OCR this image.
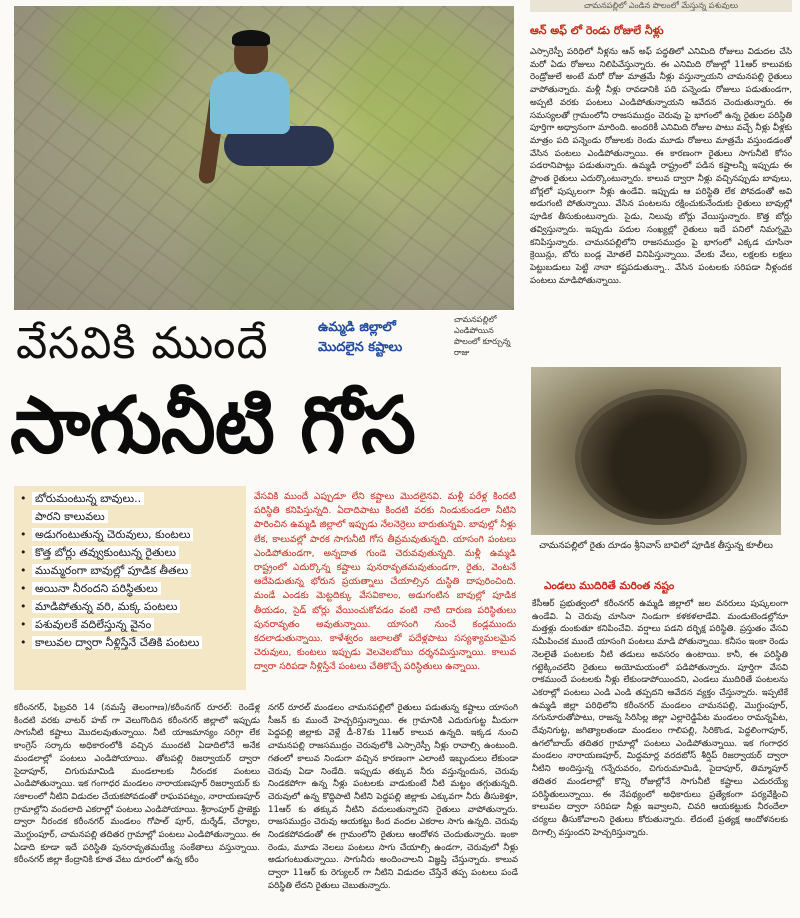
వేసవికి ముందే	ఉమ్మడి జిల్లాలో
మొదలైన కష్టాలు
చామనపల్లిలో ఎండిపోయిన పొలంలో కూర్చున్న రాజు
సాగునీటి గోస
• బోరుమంటున్న బావులు..
పారని కాలువలు
• అడుగంటుతున్న చెరువులు, కుంటలు
• కొత్త బోర్లు తవ్వుకుంటున్న రైతులు
• ముమ్మరంగా బావుల్లో పూడిక తీతలు
• అయినా నీరందని పరిస్థితులు
• మాడిపోతున్న వరి, మక్క పంటలు
• పశువులకే వదిలేస్తున్న వైనం
• కాలువల ద్వారా నీళ్లిస్తేనే చేతికి పంటలు
వేసవికి ముందే ఎప్పుడూ లేని కష్టాలు మొదలైనవి. మళ్లీ పరేళ్ల కిందటి పరిస్థితి కనిపిస్తున్నది. ఏదాదిపాటు కిందటి వరకు నిండుకుండలా నీటిని పారించిన ఉమ్మడి జిల్లాలో ఇప్పుడు నేలనెర్రెలు బారుతున్నవి. బావుల్లో నీళ్లు లేక, కాలువల్లో పారక సాగునీటి గోస తీవ్రమవుతున్నది. యాసంగి పంటలు ఎండిపోతుండగా, అన్నదాత గుండె చెరువవుతున్నది. మళ్లీ ఉమ్మడి రాష్ట్రంలో ఎదుర్కొన్న కష్టాలు పునరావృతమవుతుండగా, రైతు, వెంటనే ఆదేపెడుతున్న భోరున ప్రయత్నాలు చేయాల్సిన దుస్థితి దాపురించింది. మండే ఎండకు మెట్టదిక్కు వేసవికాలం, అడుగంటిన బావుల్లో పూడిక తీయడం, సైడ్ బోర్లు వేయించుకోవడం వంటి నాటి దారుణ పరిస్థితులు పునరావృతం అవుతున్నాయి. యాసంగి నుంచే కండ్లముందు కదలాడుతున్నాయి. కాళేశ్వరం జలాలతో పదేళ్లపాటు సస్యశ్యామలమైన చెరువులు, కుంటలు ఇప్పుడు వెలవెలబోయి దర్శనమిస్తున్నాయి. కాలువ ద్వారా సరిపడా నీళ్లిస్తేనే పంటలు చేతికొచ్చే పరిస్థితులు ఉన్నాయి.
కరీంనగర్, ఫిబ్రవరి 14 (నమస్తే తెలంగాణ)/కరీంనగర్ రూరల్: రెండేళ్ల కిందటి వరకు వాటర్ హబ్ గా వెలుగొందిన కరీంనగర్ జిల్లాలో ఇప్పుడు సాగునీటి కష్టాలు మొదలవుతున్నాయి. నీటి యాజమాన్యం సరిగ్గా లేక కాంగ్రెస్ సర్కారు అధికారంలోకి వచ్చిన ముందటి ఏడాదిలోనే అనేక మండలాల్లో పంటలు ఎండిపోయాయి. తోటపల్లి రిజర్వాయర్ ద్వారా సైదాపూర్, చిగురుమామిడి మండలాలకు నీరందక పంటలు ఎండిపోతున్నాయి. ఇక గంగాధర మండలం నారాయణపూర్ రిజర్వాయర్ కు సకాలంలో నీటిని విడుదల చేయకపోవడంతో రాఘవపట్నం, నారాయణపూర్ గ్రామాల్లోని వందలాది ఎకరాల్లో పంటలు ఎండిపోయాయి. శ్రీరాంపూర్ ప్రాజెక్టు ద్వారా నీరందక కరీంనగర్ మండలం గోపాల్ పూర్, దుర్శేడ్, చేర్యాల, మొగ్దుంపూర్, చామనపల్లి తదితర గ్రామాల్లో పంటలు ఎండిపోతున్నాయి. ఈ ఏడాది కూడా ఇదే పరిస్థితి పునరావృతమయ్యే సంకేతాలు వస్తున్నాయి. కరీంనగర్ జిల్లా కేంద్రానికి కూత వేటు దూరంలో ఉన్న కరీం
నగర్ రూరల్ మండలం చామనపల్లిలో రైతులు పడుతున్న కష్టాలు యాసంగి సీజన్ కు ముందే హెచ్చరిస్తున్నాయి. ఈ గ్రామానికి ఎదురుగుట్ట మీదుగా పెద్దపల్లి జిల్లాకు వెళ్లే డీ-87కు 11ఆర్ కాలువ ఉన్నది. ఇక్కడ నుంచి చామనపల్లి రాజసముద్రం చెరువులోకి ఎస్సారెస్పీ నీళ్లు రావాల్సి ఉంటుంది. గతంలో కాలువ నిండుగా వచ్చిన కారణంగా ఎలాంటి ఇబ్బందులు లేకుండా చెరువు ఏడా నిండేది. ఇప్పుడు తక్కువ నీరు వస్తున్నందున, చెరువు నిండకపోగా ఉన్న నీళ్లు పంటలకు వాడుకుంటే నీటి మట్టం తగ్గుతున్నది. చెరువులో ఉన్న కొద్దిపాటి నీటిని పెద్దపల్లి జిల్లాకు ఎక్కువగా నీరు తీసుకెళ్తూ, 11ఆర్ కు తక్కువ నీటిని వదులుతున్నారని రైతులు వాపోతున్నారు. రాజసముద్రం చెరువు ఆయకట్టు కింద వందల ఎకరాల సాగు ఉన్నది. చెరువు నిండకపోవడంతో ఈ గ్రామంలోని రైతులు ఆందోళన చెందుతున్నారు. ఇంకా రెండు, మూడు నెలలు పంటలు సాగు చేయాల్సి ఉండగా, చెరువులో నీళ్లు అడుగంటుతున్నాయి. సాగునీరు అందించాలని విజ్ఞప్తి చేస్తున్నారు. కాలువ ద్వారా 11ఆర్ కు రెగ్యులర్ గా నీటిని విడుదల చేస్తేనే తప్ప పంటలు పండే పరిస్థితి లేదని రైతులు చెబుతున్నారు.
చామనపల్లిలో ఎండిన పొలంలో మేస్తున్న పశువులు
ఆన్ అఫ్ లో రెండు రోజులే నీళ్లు
ఎస్సారెస్పీ పరిధిలో నీళ్లను ఆన్ అఫ్ పద్ధతిలో ఎనిమిది రోజులు విడుదల చేసి మరో ఏడు రోజులు నిలిపివేస్తున్నారు. ఈ ఎనిమిది రోజుల్లో 11ఆర్ కాలువకు రెండ్రోజులే అంటే మరో రోజు మాత్రమే నీళ్లు వస్తున్నాయని చామనపల్లి రైతులు వాపోతున్నారు. మళ్లీ నీళ్లు రావడానికి పది పన్నెండు రోజులు పడుతుండగా, అప్పటి వరకు పంటలు ఎండిపోతున్నాయని ఆవేదన చెందుతున్నారు. ఈ సమస్యలతో గ్రామంలోని రాజసముద్రం చెరువు పై భాగంలో ఉన్న రైతుల పరిస్థితి పూర్తిగా అధ్వానంగా మారింది. అందరికీ ఎనిమిది రోజుల పాటు వచ్చే నీళ్లు వీళ్లకు మాత్రం పది పన్నెండు రోజులకు రెండు మూడు రోజులు మాత్రమే వస్తుండడంతో వేసిన పంటలు ఎండిపోతున్నాయి. ఈ కారణంగా రైతులు సాగునీటి కోసం పడరానిపాట్లు పడుతున్నారు. ఉమ్మడి రాష్ట్రంలో పడిన కష్టాలన్నీ ఇప్పుడు ఈ ప్రాంత రైతులు ఎదుర్కొంటున్నారు. కాలువ ద్వారా నీళ్లు వచ్చినప్పుడు బావులు, బోర్లలో పుష్కలంగా నీళ్లు ఉండేవి. ఇప్పుడు ఆ పరిస్థితి లేక పోవడంతో అవి అడుగంటి పోతున్నాయి. వేసిన పంటలను రక్షించుకునేందుకు రైతులు బావుల్లో పూడిక తీసుకుంటున్నారు. సైడు, నిలువు బోర్లు వేయిస్తున్నారు. కొత్త బోర్లు తవ్విస్తున్నారు. ఇప్పుడు పదుల సంఖ్యల్లో రైతులు ఇదే పనిలో నిమగ్నమై కనిపిస్తున్నారు. చామనపల్లిలోని రాజసముద్రం పై భాగంలో ఎక్కడ చూసినా క్రెయిన్లు, బోరు బండ్ల మోతలే వినిపిస్తున్నాయి. వేలకు వేలు, లక్షలకు లక్షలు పెట్టుబడులు పెట్టి నానా కష్టపడుతున్నా.. వేసిన పంటలకు సరిపడా నీళ్లందక పంటలు మాడిపోతున్నాయి.
చామనపల్లిలో రైతు దూడం శ్రీనివాస్ బావిలో పూడిక తీస్తున్న కూలీలు
ఎండలు ముదిరితే మరింత నష్టం
కేసీఆర్ ప్రభుత్వంలో కరీంనగర్ ఉమ్మడి జిల్లాలో జల వనరులు పుష్కలంగా ఉండేవి. ఏ చెరువు చూసినా నిండుగా కళకళలాడేవి. మండుటెండల్లోనూ మత్తళ్లు దుంకుతూ కనిపించేవి. వర్షాలు పడని దర్భిక్ష పరిస్థితి. ప్రస్తుతం వేసవి సమీపించక ముందే యాసంగి పంటలు మాడి పోతున్నాయి. కనీసం ఇంకా రెండు నెలలైతే పంటలకు నీటి తడులు అవసరం ఉంటాయి. కానీ, ఈ పరిస్థితి గట్టెక్కించలేని రైతులు అయోమయంలో పడిపోతున్నారు. పూర్తిగా వేసవి రాకముందే పంటలకు నీళ్లు లేకుండాపోయిందని, ఎండలు ముదిరితే పంటలను ఎకరాల్లో పంటలు ఎండి ఎండి తప్పదని ఆవేదన వ్యక్తం చేస్తున్నారు. ఇప్పటికే ఉమ్మడి జిల్లా పరిధిలోని కరీంనగర్ మండలం చామనపల్లి, మొగ్దుంపూర్, నగునూరుతోపాటు, రాజన్న సిరిసిల్ల జిల్లా ఎల్లారెడ్డిపేట మండలం రామన్నపేట, దేవునిగుట్ట, జగిత్యాలతండా మండలం గాలిపల్లి, సిరికొండ, పెద్దలింగాపూర్, ఉగలోబాయ్ తదితర గ్రామాల్లో పంటలు ఎండిపోతున్నాయి. ఇక గంగాధర మండలం నారాయణపూర్, మిద్దమార్ల వరదబోస్ శీర్షిప్ రిజర్వాయర్ ద్వారా నీటిని అందిస్తున్న గన్నేరువరం, చిగురుమామిడి, సైదాపూర్, తిమ్మాపూర్ తదితర మండలాల్లో కొన్ని రోజుల్లోనే సాగునీటి కష్టాలు ఎదురయ్యే పరిస్థితులున్నాయి. ఈ నేపథ్యంలో అధికారులు ప్రత్యేకంగా పర్యవేక్షించి కాలువల ద్వారా సరిపడా నీళ్లు ఇవ్వాలని, చివరి ఆయకట్టుకు నీరందేలా చర్యలు తీసుకోవాలని రైతులు కోరుతున్నారు. లేదంటే ప్రత్యక్ష ఆందోళనలకు దిగాల్సి వస్తుందని హెచ్చరిస్తున్నారు.
